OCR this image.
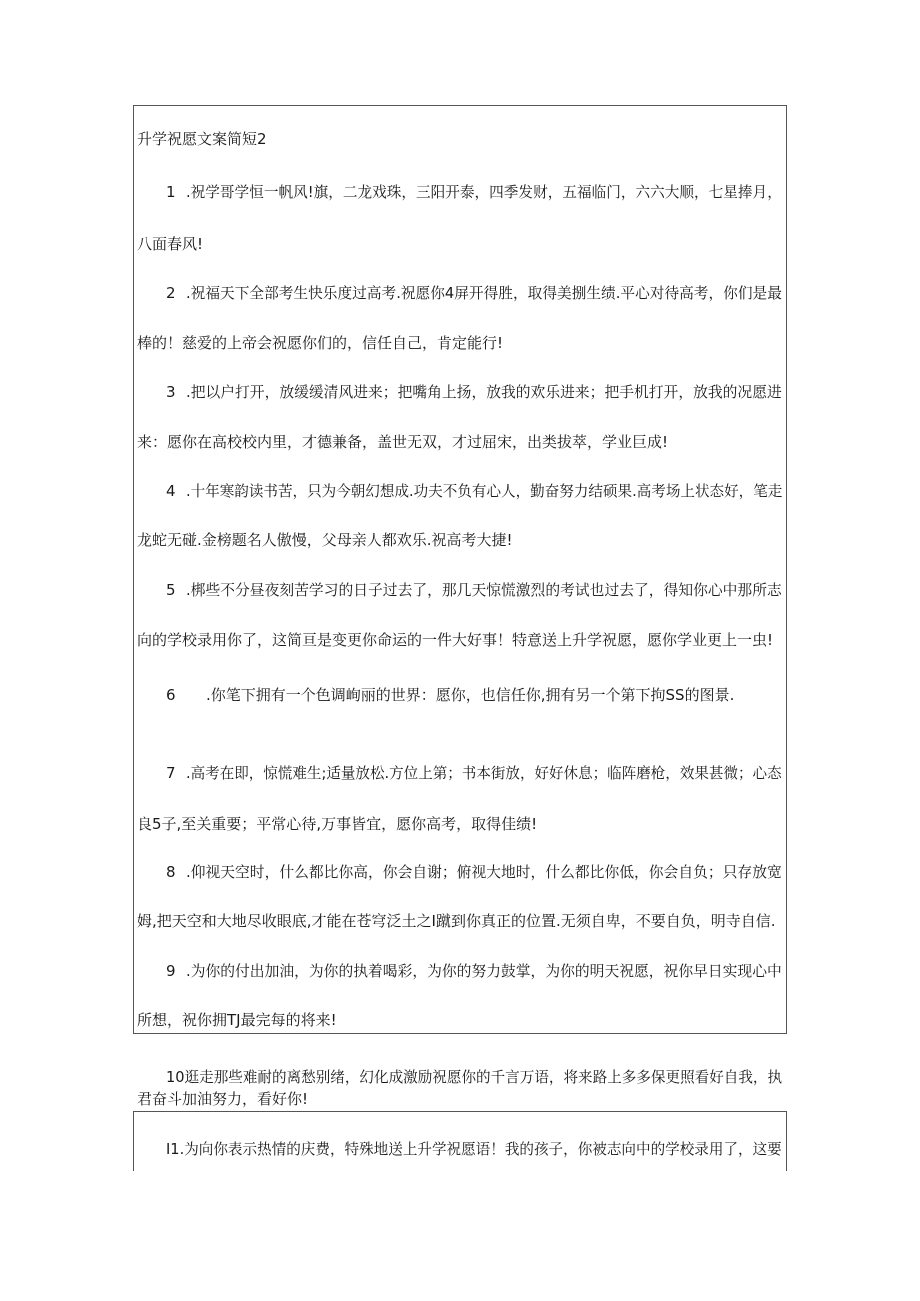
升学祝愿文案简短2
1 .祝学哥学恒一帆风!旗，二龙戏珠，三阳开泰，四季发财，五福临门，六六大顺，七星捧月，
八面春风!
2 .祝福天下全部考生快乐度过高考.祝愿你4屏开得胜，取得美捌生绩.平心对待高考，你们是最
棒的！慈爱的上帝会祝愿你们的，信任自己，肯定能行!
3 .把以户打开，放缓缓清风进来；把嘴角上扬，放我的欢乐进来；把手机打开，放我的况愿进
来：愿你在高校校内里，才德兼备，盖世无双，才过屈宋，出类拔萃，学业巨成!
4 .十年寒韵读书苦，只为今朝幻想成.功夫不负有心人，勤奋努力结硕果.高考场上状态好，笔走
龙蛇无碰.金榜题名人傲慢，父母亲人都欢乐.祝高考大捷!
5 .梆些不分昼夜刻苦学习的日子过去了，那几天惊慌激烈的考试也过去了，得知你心中那所志
向的学校录用你了，这简亘是变更你命运的一件大好事！特意送上升学祝愿，愿你学业更上一虫!
6 .你笔下拥有一个色调峋丽的世界：愿你，也信任你,拥有另一个第下拘SS的图景.
7 .高考在即，惊慌难生;适量放松.方位上第；书本街放，好好休息；临阵磨枪，效果甚微；心态
良5子,至关重要；平常心待,万事皆宜，愿你高考，取得佳绩!
8 .仰视天空时，什么都比你高，你会自谢；俯视大地时，什么都比你低，你会自负；只存放宽
姆,把天空和大地尽收眼底,才能在苍穹泛土之I蹴到你真正的位置.无须自卑，不要自负，明寺自信.
9 .为你的付出加油，为你的执着喝彩，为你的努力鼓掌，为你的明天祝愿，祝你早日实现心中
所想，祝你拥TJ最完每的将来!
10逛走那些难耐的离愁别绪，幻化成激励祝愿你的千言万语，将来路上多多保更照看好自我，执
君奋斗加油努力，看好你!
I1.为向你表示热情的庆费，特殊地送上升学祝愿语！我的孩子，你被志向中的学校录用了，这要
